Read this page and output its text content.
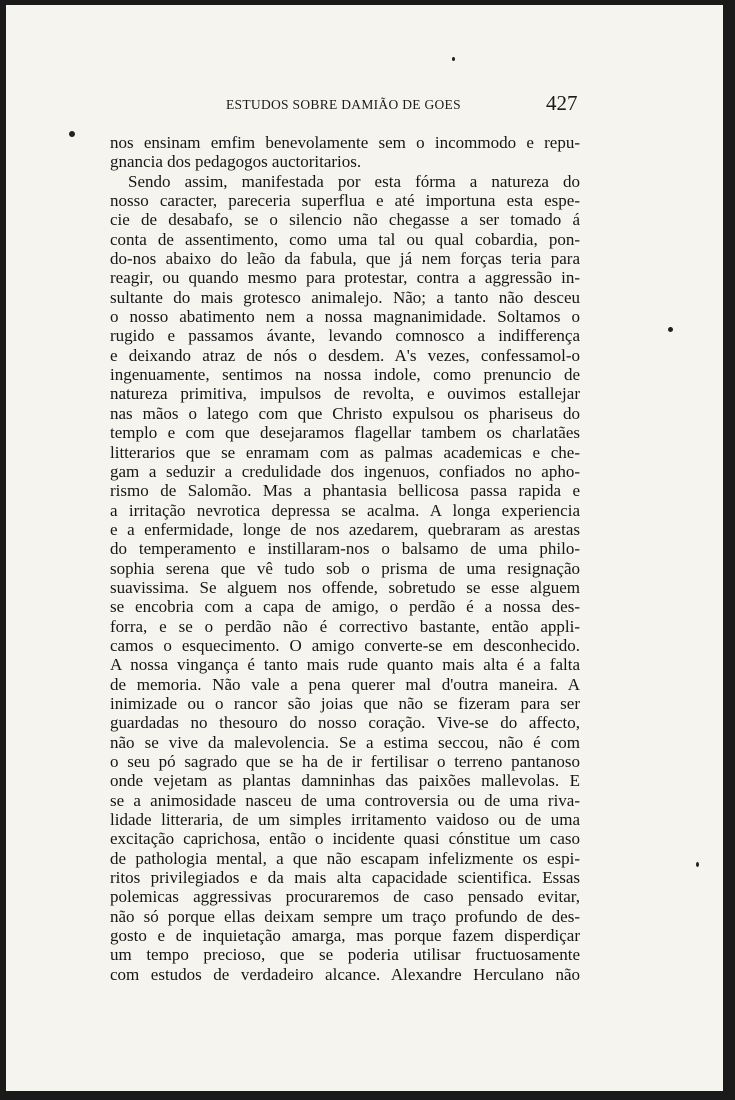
ESTUDOS SOBRE DAMIÃO DE GOES	427
nos ensinam emfim benevolamente sem o incommodo e repu-
gnancia dos pedagogos auctoritarios.
Sendo assim, manifestada por esta fórma a natureza do
nosso caracter, pareceria superflua e até importuna esta espe-
cie de desabafo, se o silencio não chegasse a ser tomado á
conta de assentimento, como uma tal ou qual cobardia, pon-
do-nos abaixo do leão da fabula, que já nem forças teria para
reagir, ou quando mesmo para protestar, contra a aggressão in-
sultante do mais grotesco animalejo. Não; a tanto não desceu
o nosso abatimento nem a nossa magnanimidade. Soltamos o
rugido e passamos ávante, levando comnosco a indifferença
e deixando atraz de nós o desdem. A's vezes, confessamol-o
ingenuamente, sentimos na nossa indole, como prenuncio de
natureza primitiva, impulsos de revolta, e ouvimos estallejar
nas mãos o latego com que Christo expulsou os phariseus do
templo e com que desejaramos flagellar tambem os charlatães
litterarios que se enramam com as palmas academicas e che-
gam a seduzir a credulidade dos ingenuos, confiados no apho-
rismo de Salomão. Mas a phantasia bellicosa passa rapida e
a irritação nevrotica depressa se acalma. A longa experiencia
e a enfermidade, longe de nos azedarem, quebraram as arestas
do temperamento e instillaram-nos o balsamo de uma philo-
sophia serena que vê tudo sob o prisma de uma resignação
suavissima. Se alguem nos offende, sobretudo se esse alguem
se encobria com a capa de amigo, o perdão é a nossa des-
forra, e se o perdão não é correctivo bastante, então appli-
camos o esquecimento. O amigo converte-se em desconhecido.
A nossa vingança é tanto mais rude quanto mais alta é a falta
de memoria. Não vale a pena querer mal d'outra maneira. A
inimizade ou o rancor são joias que não se fizeram para ser
guardadas no thesouro do nosso coração. Vive-se do affecto,
não se vive da malevolencia. Se a estima seccou, não é com
o seu pó sagrado que se ha de ir fertilisar o terreno pantanoso
onde vejetam as plantas damninhas das paixões mallevolas. E
se a animosidade nasceu de uma controversia ou de uma riva-
lidade litteraria, de um simples irritamento vaidoso ou de uma
excitação caprichosa, então o incidente quasi cónstitue um caso
de pathologia mental, a que não escapam infelizmente os espi-
ritos privilegiados e da mais alta capacidade scientifica. Essas
polemicas aggressivas procuraremos de caso pensado evitar,
não só porque ellas deixam sempre um traço profundo de des-
gosto e de inquietação amarga, mas porque fazem disperdiçar
um tempo precioso, que se poderia utilisar fructuosamente
com estudos de verdadeiro alcance. Alexandre Herculano não
